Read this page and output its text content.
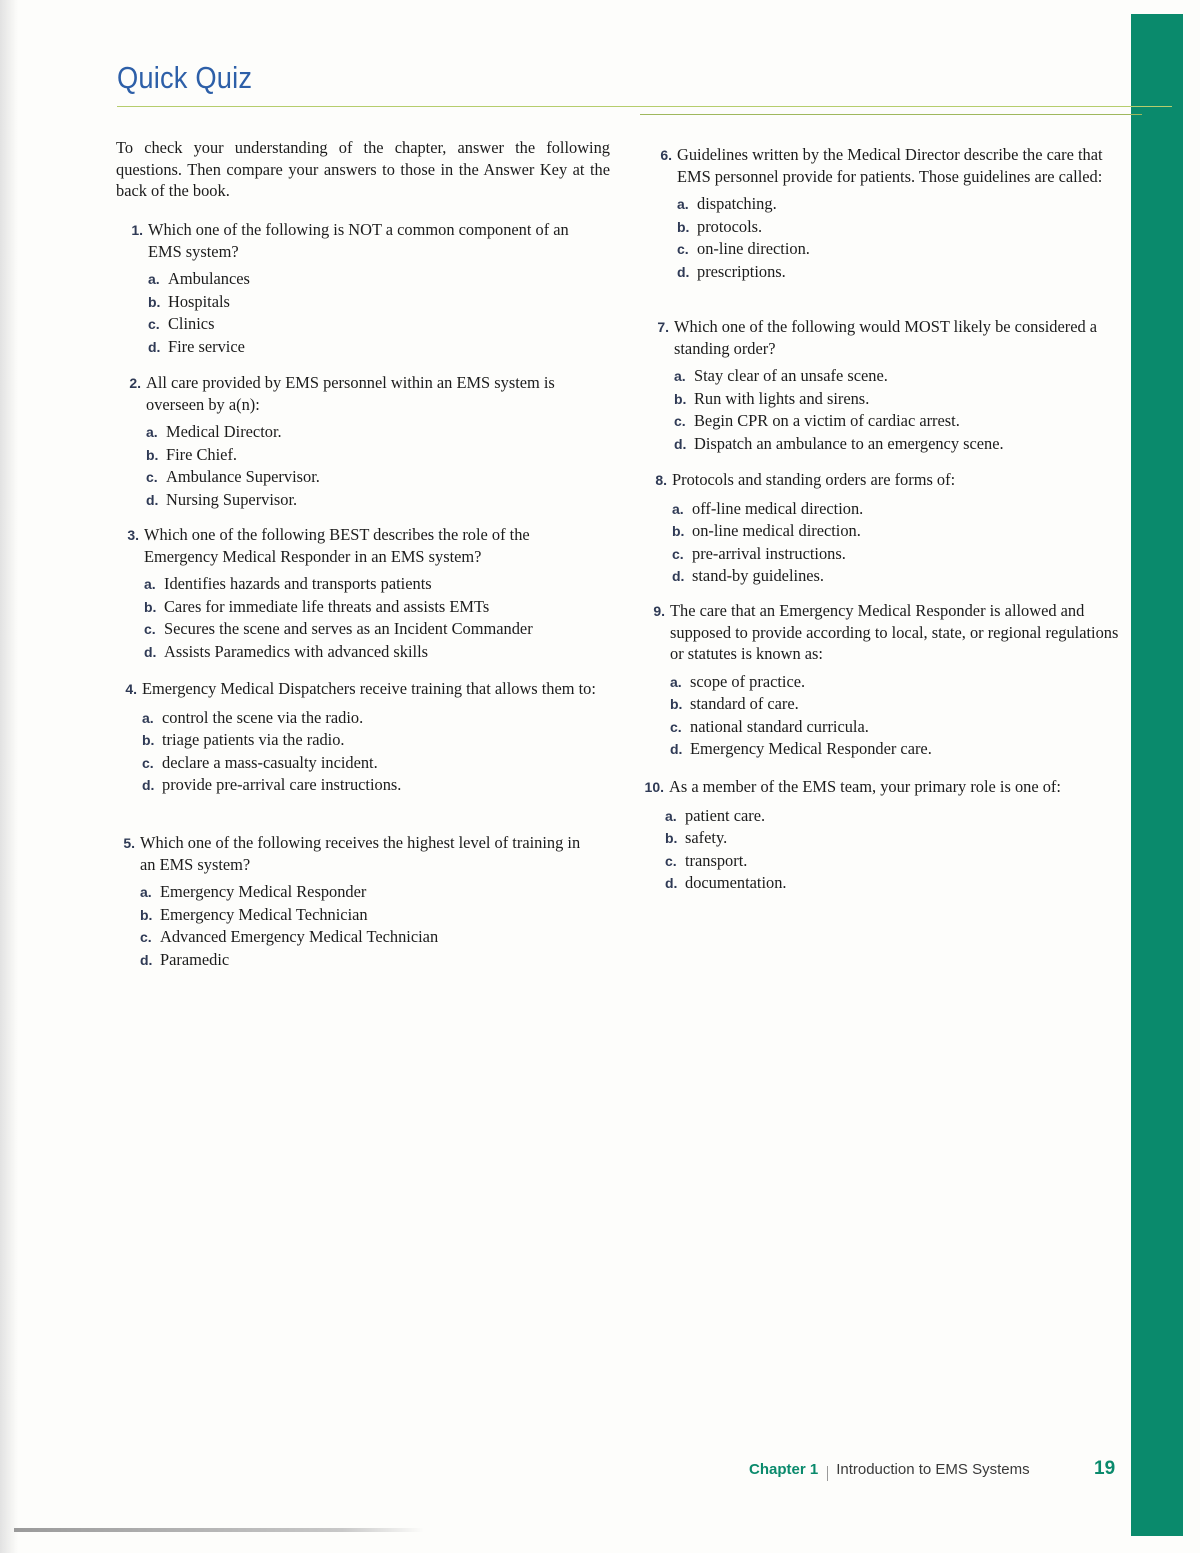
Quick Quiz

To check your understanding of the chapter, answer the following questions. Then compare your answers to those in the Answer Key at the back of the book.

1. Which one of the following is NOT a common component of an EMS system?
a. Ambulances
b. Hospitals
c. Clinics
d. Fire service
2. All care provided by EMS personnel within an EMS system is overseen by a(n):
a. Medical Director.
b. Fire Chief.
c. Ambulance Supervisor.
d. Nursing Supervisor.
3. Which one of the following BEST describes the role of the Emergency Medical Responder in an EMS system?
a. Identifies hazards and transports patients
b. Cares for immediate life threats and assists EMTs
c. Secures the scene and serves as an Incident Commander
d. Assists Paramedics with advanced skills
4. Emergency Medical Dispatchers receive training that allows them to:
a. control the scene via the radio.
b. triage patients via the radio.
c. declare a mass-casualty incident.
d. provide pre-arrival care instructions.
5. Which one of the following receives the highest level of training in an EMS system?
a. Emergency Medical Responder
b. Emergency Medical Technician
c. Advanced Emergency Medical Technician
d. Paramedic
6. Guidelines written by the Medical Director describe the care that EMS personnel provide for patients. Those guidelines are called:
a. dispatching.
b. protocols.
c. on-line direction.
d. prescriptions.
7. Which one of the following would MOST likely be considered a standing order?
a. Stay clear of an unsafe scene.
b. Run with lights and sirens.
c. Begin CPR on a victim of cardiac arrest.
d. Dispatch an ambulance to an emergency scene.
8. Protocols and standing orders are forms of:
a. off-line medical direction.
b. on-line medical direction.
c. pre-arrival instructions.
d. stand-by guidelines.
9. The care that an Emergency Medical Responder is allowed and supposed to provide according to local, state, or regional regulations or statutes is known as:
a. scope of practice.
b. standard of care.
c. national standard curricula.
d. Emergency Medical Responder care.
10. As a member of the EMS team, your primary role is one of:
a. patient care.
b. safety.
c. transport.
d. documentation.
Chapter 1 Introduction to EMS Systems	19
